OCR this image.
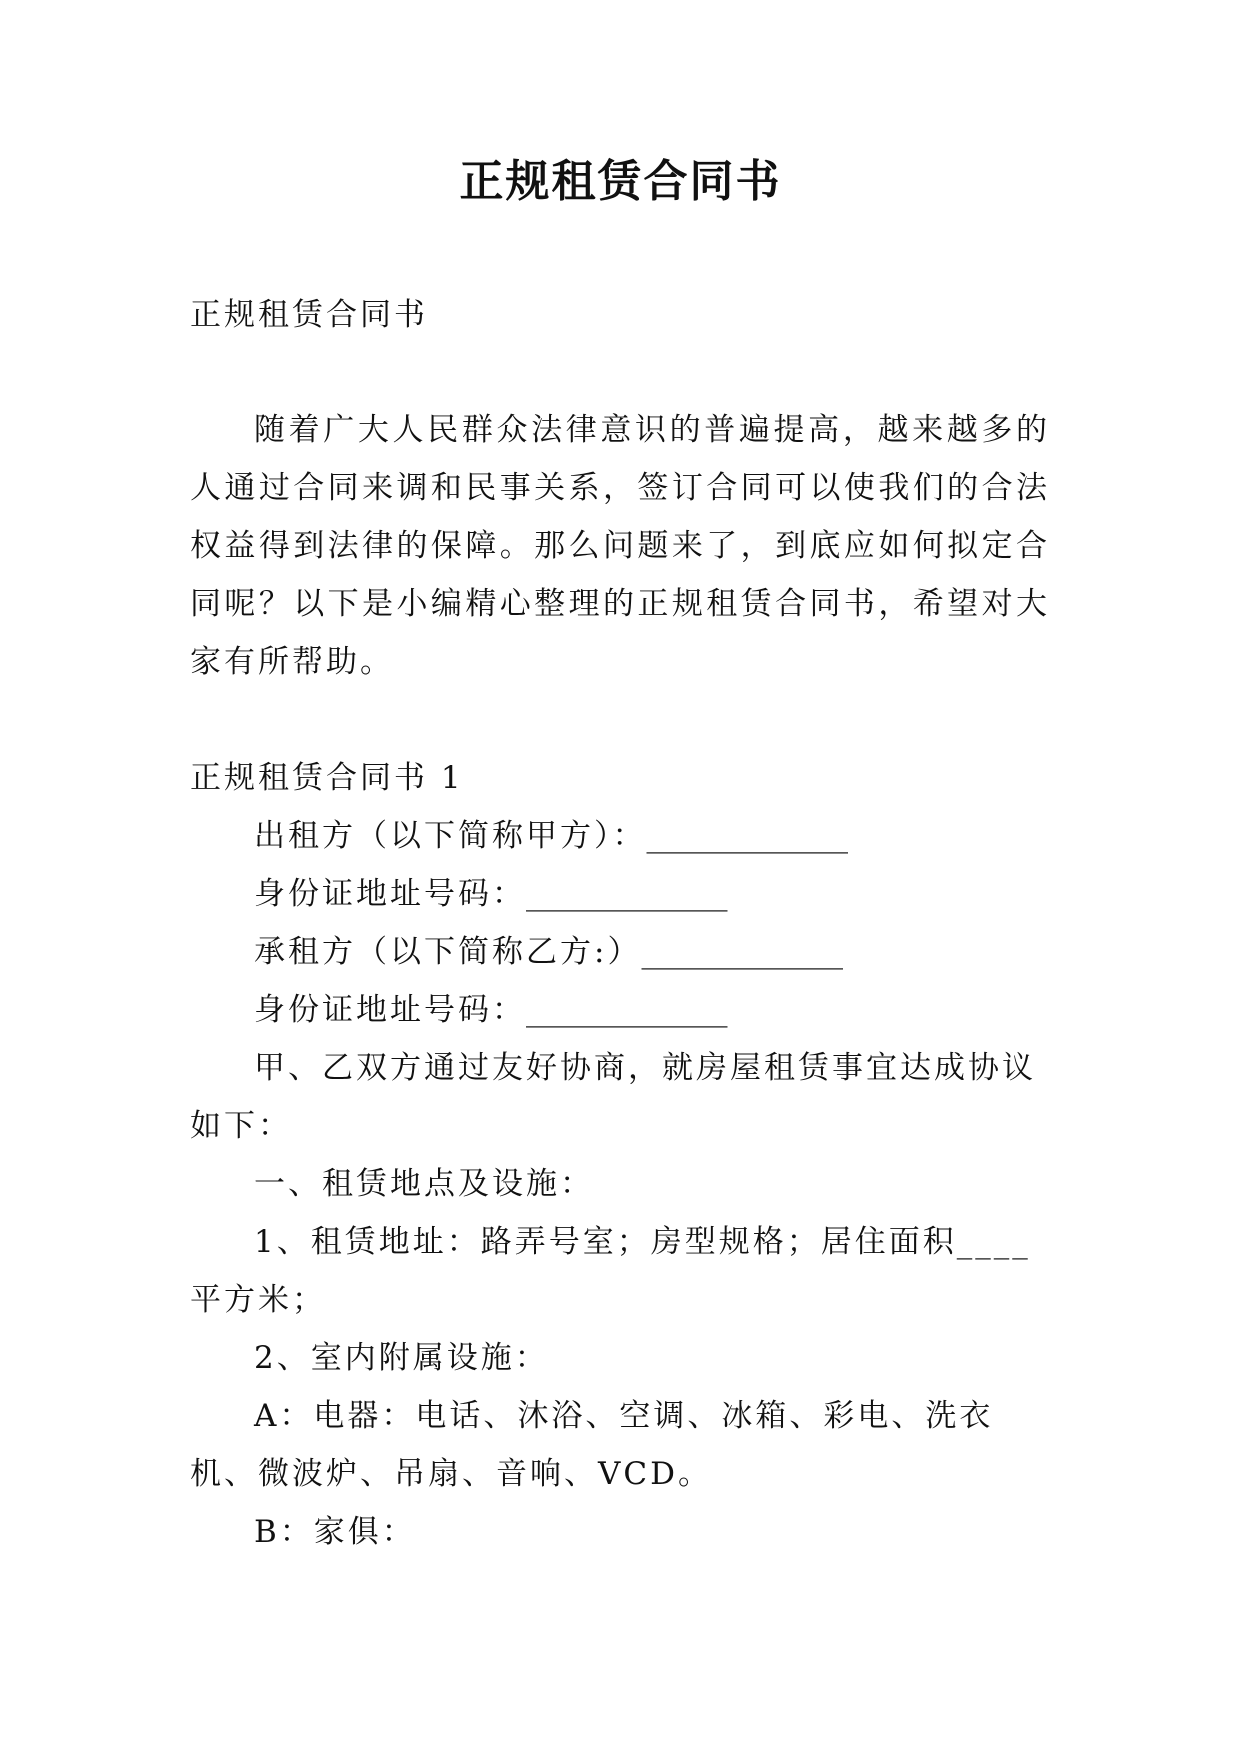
正规租赁合同书

正规租赁合同书

随着广大人民群众法律意识的普遍提高，越来越多的人通过合同来调和民事关系，签订合同可以使我们的合法权益得到法律的保障。那么问题来了，到底应如何拟定合同呢？以下是小编精心整理的正规租赁合同书，希望对大家有所帮助。

正规租赁合同书 1

出租方（以下简称甲方）：_____________

身份证地址号码：_____________

承租方（以下简称乙方:）_____________

身份证地址号码：_____________

甲、乙双方通过友好协商，就房屋租赁事宜达成协议如下：

一、租赁地点及设施：

1、租赁地址：路弄号室；房型规格；居住面积____平方米；

2、室内附属设施：

A：电器：电话、沐浴、空调、冰箱、彩电、洗衣机、微波炉、吊扇、音响、VCD。

B：家俱：
